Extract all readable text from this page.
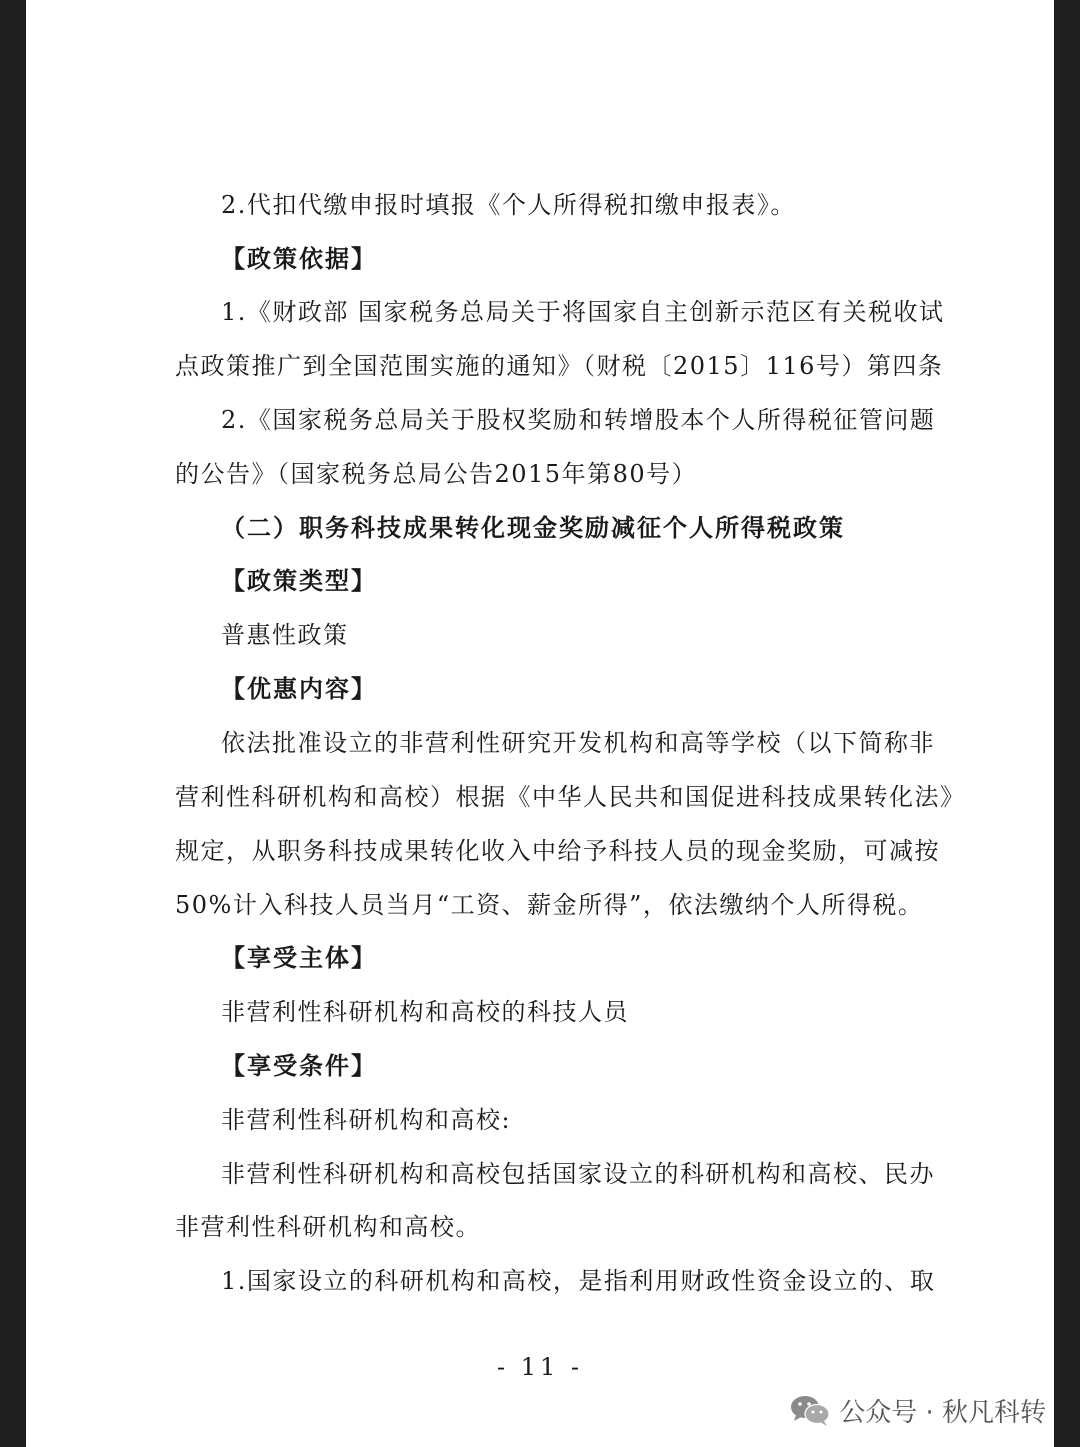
2.代扣代缴申报时填报《个人所得税扣缴申报表》。
【政策依据】
1.《财政部 国家税务总局关于将国家自主创新示范区有关税收试
点政策推广到全国范围实施的通知》（财税〔2015〕116号）第四条
2.《国家税务总局关于股权奖励和转增股本个人所得税征管问题
的公告》（国家税务总局公告2015年第80号）
（二）职务科技成果转化现金奖励减征个人所得税政策
【政策类型】
普惠性政策
【优惠内容】
依法批准设立的非营利性研究开发机构和高等学校（以下简称非
营利性科研机构和高校）根据《中华人民共和国促进科技成果转化法》
规定，从职务科技成果转化收入中给予科技人员的现金奖励，可减按
50%计入科技人员当月“工资、薪金所得”，依法缴纳个人所得税。
【享受主体】
非营利性科研机构和高校的科技人员
【享受条件】
非营利性科研机构和高校:
非营利性科研机构和高校包括国家设立的科研机构和高校、民办
非营利性科研机构和高校。
1.国家设立的科研机构和高校，是指利用财政性资金设立的、取
- 11 -
公众号 · 秋凡科转
